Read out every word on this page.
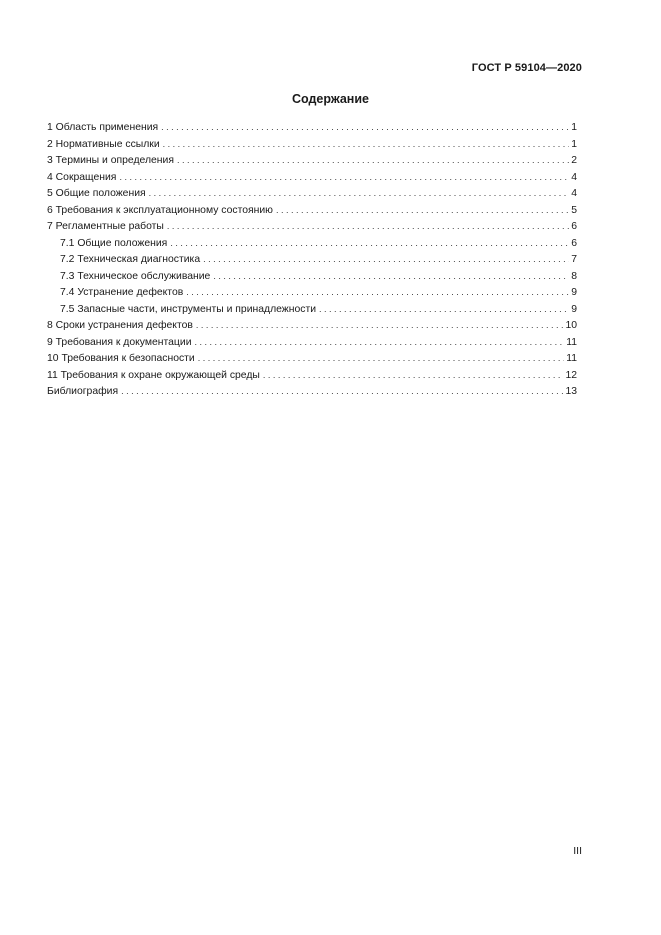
ГОСТ Р 59104—2020
Содержание
1 Область применения . . .	1
2 Нормативные ссылки . . .	1
3 Термины и определения . . .	2
4 Сокращения . . .	4
5 Общие положения . . .	4
6 Требования к эксплуатационному состоянию . . .	5
7 Регламентные работы . . .	6
7.1 Общие положения . . .	6
7.2 Техническая диагностика . . .	7
7.3 Техническое обслуживание . . .	8
7.4 Устранение дефектов . . .	9
7.5 Запасные части, инструменты и принадлежности . . .	9
8 Сроки устранения дефектов . . .	10
9 Требования к документации . . .	11
10 Требования к безопасности . . .	11
11 Требования к охране окружающей среды . . .	12
Библиография . . .	13
III
